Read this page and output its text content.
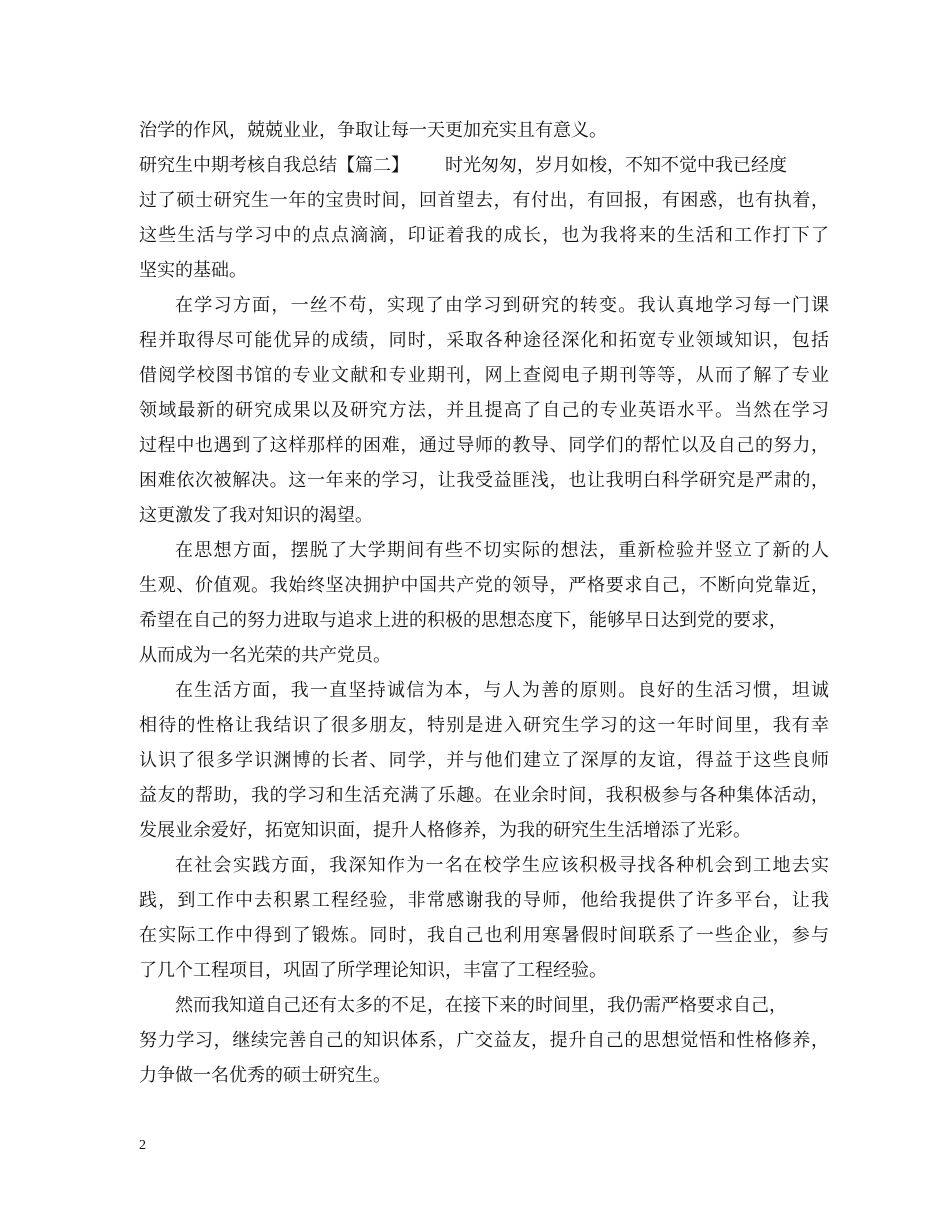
治学的作风，兢兢业业，争取让每一天更加充实且有意义。
研究生中期考核自我总结【篇二】 时光匆匆，岁月如梭，不知不觉中我已经度
过了硕士研究生一年的宝贵时间，回首望去，有付出，有回报，有困惑，也有执着，
这些生活与学习中的点点滴滴，印证着我的成长，也为我将来的生活和工作打下了
坚实的基础。
在学习方面，一丝不苟，实现了由学习到研究的转变。我认真地学习每一门课
程并取得尽可能优异的成绩，同时，采取各种途径深化和拓宽专业领域知识，包括
借阅学校图书馆的专业文献和专业期刊，网上查阅电子期刊等等，从而了解了专业
领域最新的研究成果以及研究方法，并且提高了自己的专业英语水平。当然在学习
过程中也遇到了这样那样的困难，通过导师的教导、同学们的帮忙以及自己的努力，
困难依次被解决。这一年来的学习，让我受益匪浅，也让我明白科学研究是严肃的，
这更激发了我对知识的渴望。
在思想方面，摆脱了大学期间有些不切实际的想法，重新检验并竖立了新的人
生观、价值观。我始终坚决拥护中国共产党的领导，严格要求自己，不断向党靠近，
希望在自己的努力进取与追求上进的积极的思想态度下，能够早日达到党的要求，
从而成为一名光荣的共产党员。
在生活方面，我一直坚持诚信为本，与人为善的原则。良好的生活习惯，坦诚
相待的性格让我结识了很多朋友，特别是进入研究生学习的这一年时间里，我有幸
认识了很多学识渊博的长者、同学，并与他们建立了深厚的友谊，得益于这些良师
益友的帮助，我的学习和生活充满了乐趣。在业余时间，我积极参与各种集体活动，
发展业余爱好，拓宽知识面，提升人格修养，为我的研究生生活增添了光彩。
在社会实践方面，我深知作为一名在校学生应该积极寻找各种机会到工地去实
践，到工作中去积累工程经验，非常感谢我的导师，他给我提供了许多平台，让我
在实际工作中得到了锻炼。同时，我自己也利用寒暑假时间联系了一些企业，参与
了几个工程项目，巩固了所学理论知识，丰富了工程经验。
然而我知道自己还有太多的不足，在接下来的时间里，我仍需严格要求自己，
努力学习，继续完善自己的知识体系，广交益友，提升自己的思想觉悟和性格修养，
力争做一名优秀的硕士研究生。
2
